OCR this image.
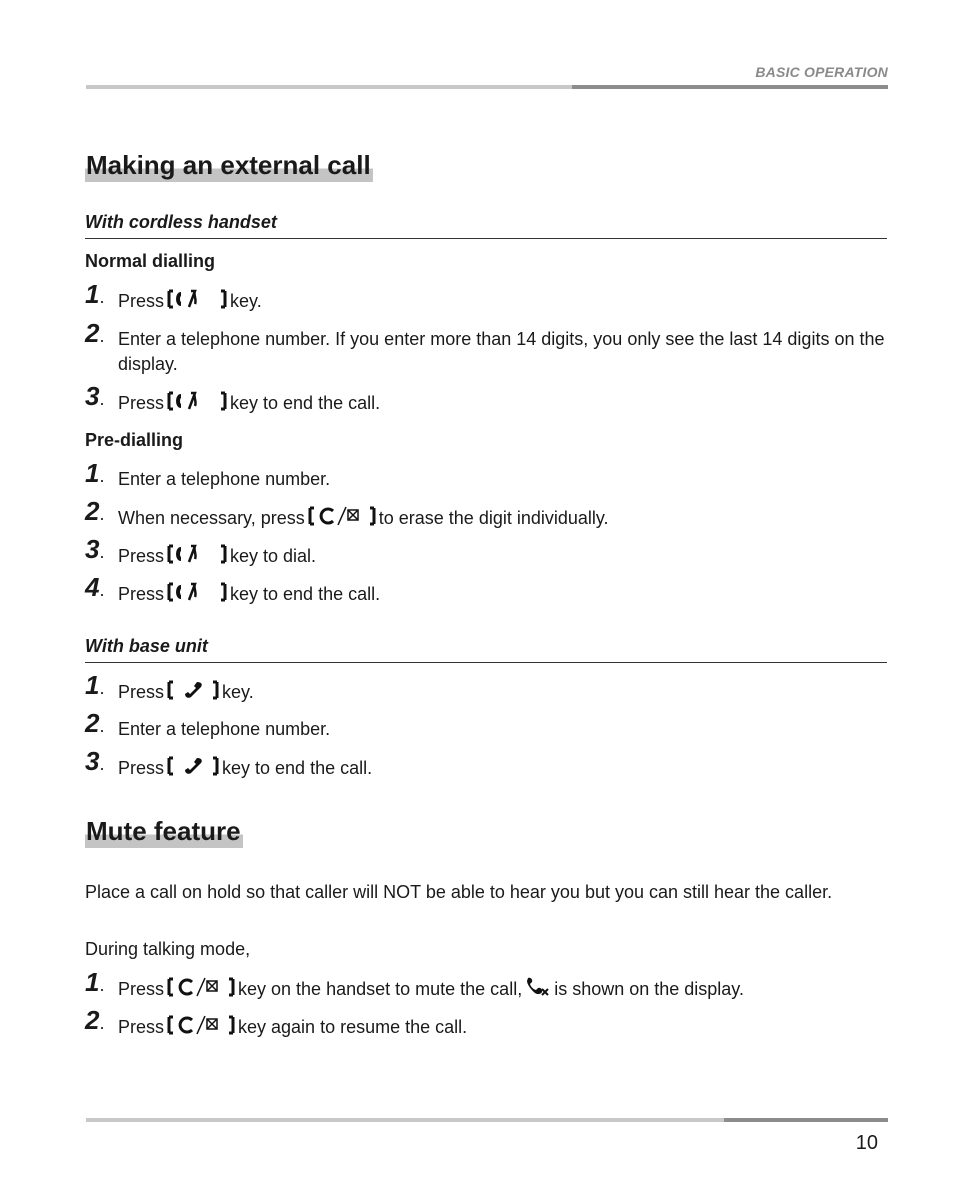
BASIC OPERATION
Making an external call
With cordless handset
Normal dialling
1 . Press	key.
2 . Enter a telephone number. If you enter more than 14 digits, you only see the last 14 digits on the display.
3 . Press	key to end the call.
Pre-dialling
1 . Enter a telephone number.
2 . When necessary, press	to erase the digit individually.
3 . Press	key to dial.
4 . Press	key to end the call.
With base unit
1 . Press	key.
2 . Enter a telephone number.
3 . Press	key to end the call.
Mute feature
Place a call on hold so that caller will NOT be able to hear you but you can still hear the caller.
During talking mode,
1 . Press	key on the handset to mute the call, is shown on the display.
2 . Press	key again to resume the call.
10
